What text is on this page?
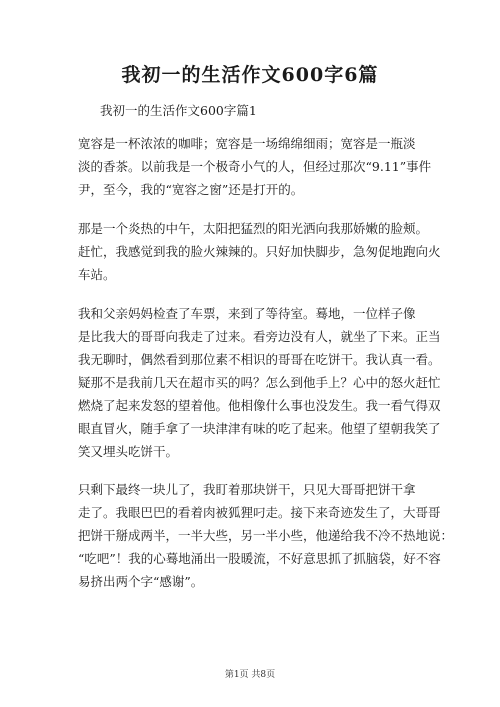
我初一的生活作文600字6篇
我初一的生活作文600字篇1
宽容是一杯浓浓的咖啡；宽容是一场绵绵细雨；宽容是一瓶淡
淡的香茶。以前我是一个极奇小气的人，但经过那次“9.11”事件
尹，至今，我的“宽容之窗”还是打开的。
那是一个炎热的中午，太阳把猛烈的阳光洒向我那娇嫩的脸颊。
赶忙，我感觉到我的脸火辣辣的。只好加快脚步，急匆促地跑向火
车站。
我和父亲妈妈检查了车票，来到了等待室。蓦地，一位样子像
是比我大的哥哥向我走了过来。看旁边没有人，就坐了下来。正当
我无聊时，偶然看到那位素不相识的哥哥在吃饼干。我认真一看。
疑那不是我前几天在超市买的吗？怎么到他手上？心中的怒火赶忙
燃烧了起来发怒的望着他。他相像什么事也没发生。我一看气得双
眼直冒火，随手拿了一块津津有味的吃了起来。他望了望朝我笑了
笑又埋头吃饼干。
只剩下最终一块儿了，我盯着那块饼干，只见大哥哥把饼干拿
走了。我眼巴巴的看着肉被狐狸叼走。接下来奇迹发生了，大哥哥
把饼干掰成两半，一半大些，另一半小些，他递给我不冷不热地说：
“吃吧”！我的心蓦地涌出一股暖流，不好意思抓了抓脑袋，好不容
易挤出两个字“感谢”。
第1页 共8页
